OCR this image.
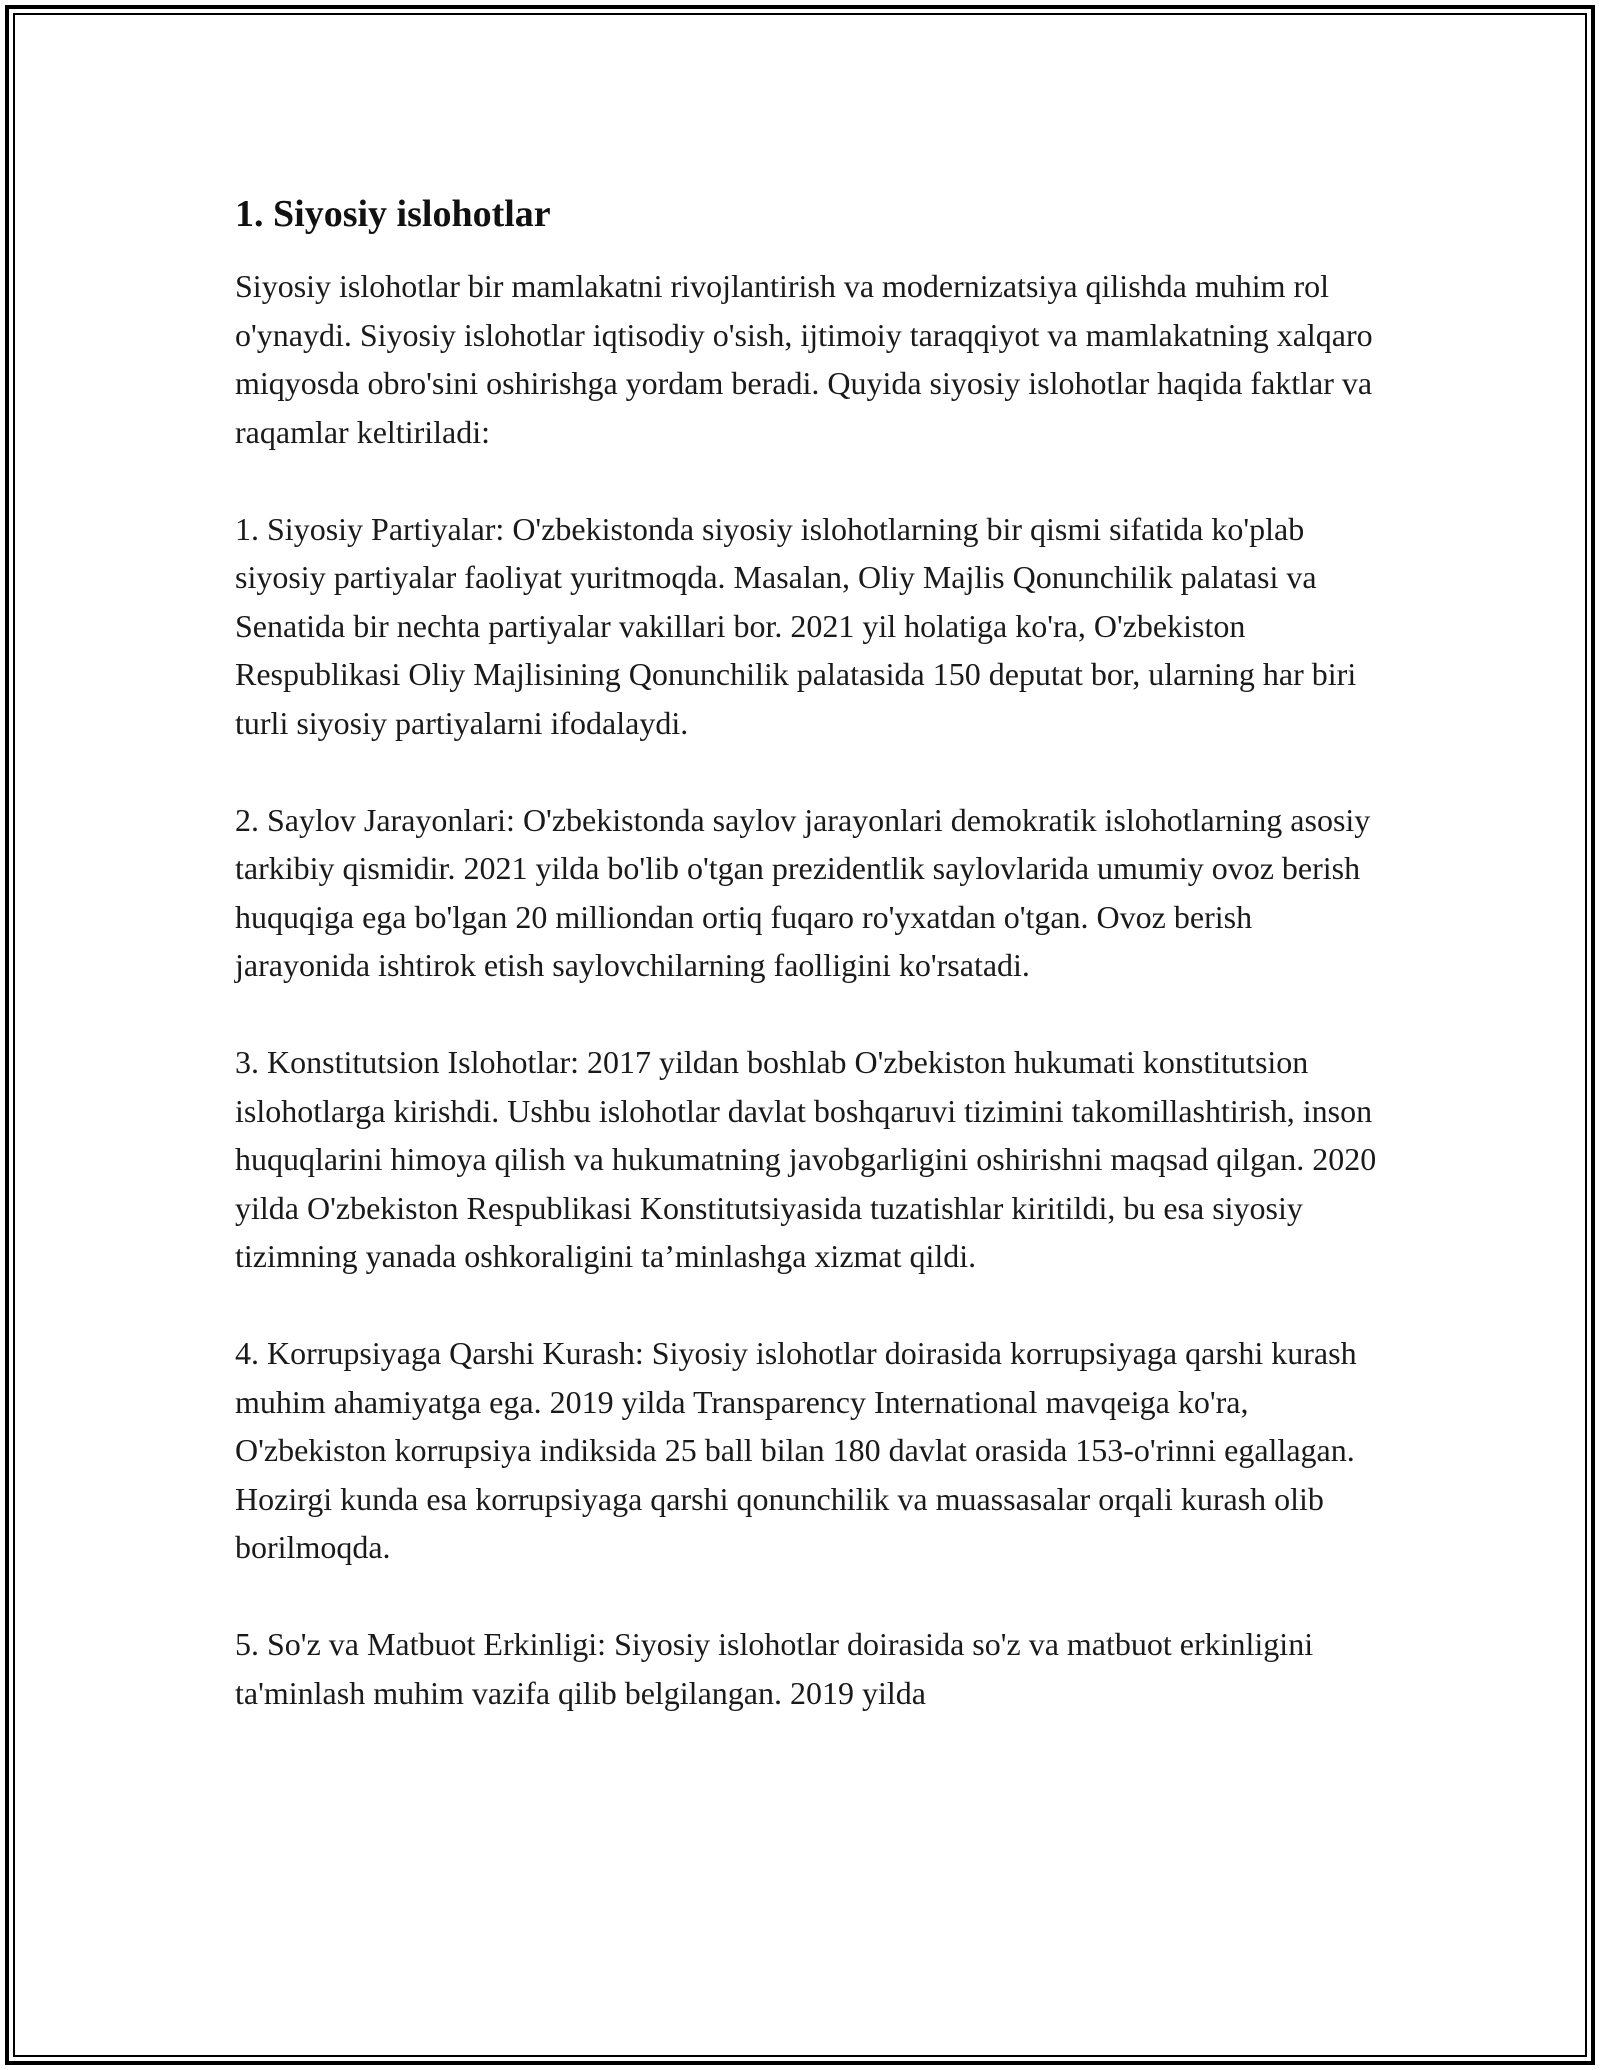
1. Siyosiy islohotlar

Siyosiy islohotlar bir mamlakatni rivojlantirish va modernizatsiya qilishda muhim rol o'ynaydi. Siyosiy islohotlar iqtisodiy o'sish, ijtimoiy taraqqiyot va mamlakatning xalqaro miqyosda obro'sini oshirishga yordam beradi. Quyida siyosiy islohotlar haqida faktlar va raqamlar keltiriladi:

1. Siyosiy Partiyalar: O'zbekistonda siyosiy islohotlarning bir qismi sifatida ko'plab siyosiy partiyalar faoliyat yuritmoqda. Masalan, Oliy Majlis Qonunchilik palatasi va Senatida bir nechta partiyalar vakillari bor. 2021 yil holatiga ko'ra, O'zbekiston Respublikasi Oliy Majlisining Qonunchilik palatasida 150 deputat bor, ularning har biri turli siyosiy partiyalarni ifodalaydi.

2. Saylov Jarayonlari: O'zbekistonda saylov jarayonlari demokratik islohotlarning asosiy tarkibiy qismidir. 2021 yilda bo'lib o'tgan prezidentlik saylovlarida umumiy ovoz berish huquqiga ega bo'lgan 20 milliondan ortiq fuqaro ro'yxatdan o'tgan. Ovoz berish jarayonida ishtirok etish saylovchilarning faolligini ko'rsatadi.

3. Konstitutsion Islohotlar: 2017 yildan boshlab O'zbekiston hukumati konstitutsion islohotlarga kirishdi. Ushbu islohotlar davlat boshqaruvi tizimini takomillashtirish, inson huquqlarini himoya qilish va hukumatning javobgarligini oshirishni maqsad qilgan. 2020 yilda O'zbekiston Respublikasi Konstitutsiyasida tuzatishlar kiritildi, bu esa siyosiy tizimning yanada oshkoraligini ta’minlashga xizmat qildi.

4. Korrupsiyaga Qarshi Kurash: Siyosiy islohotlar doirasida korrupsiyaga qarshi kurash muhim ahamiyatga ega. 2019 yilda Transparency International mavqeiga ko'ra, O'zbekiston korrupsiya indiksida 25 ball bilan 180 davlat orasida 153-o'rinni egallagan. Hozirgi kunda esa korrupsiyaga qarshi qonunchilik va muassasalar orqali kurash olib borilmoqda.

5. So'z va Matbuot Erkinligi: Siyosiy islohotlar doirasida so'z va matbuot erkinligini ta'minlash muhim vazifa qilib belgilangan. 2019 yilda
